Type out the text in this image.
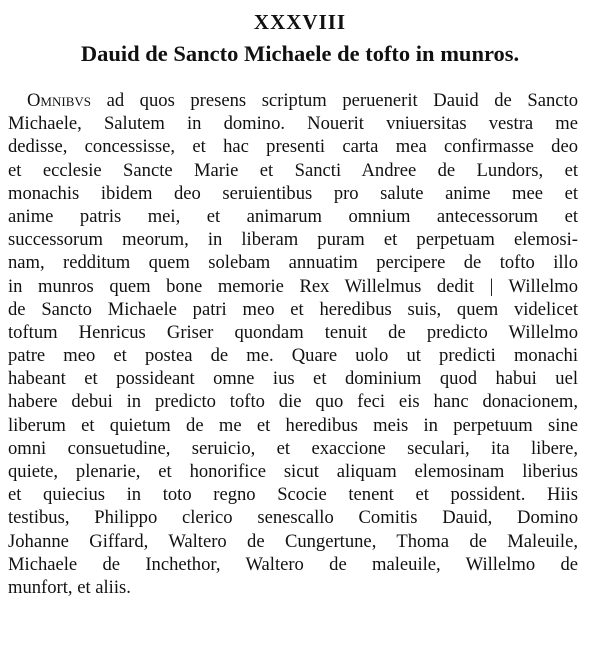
XXXVIII
Dauid de Sancto Michaele de tofto in munros.
Omnibvs ad quos presens scriptum peruenerit Dauid de Sancto
Michaele, Salutem in domino. Nouerit vniuersitas vestra me
dedisse, concessisse, et hac presenti carta mea confirmasse deo
et ecclesie Sancte Marie et Sancti Andree de Lundors, et
monachis ibidem deo seruientibus pro salute anime mee et
anime patris mei, et animarum omnium antecessorum et
successorum meorum, in liberam puram et perpetuam elemosi-
nam, redditum quem solebam annuatim percipere de tofto illo
in munros quem bone memorie Rex Willelmus dedit | Willelmo
de Sancto Michaele patri meo et heredibus suis, quem videlicet
toftum Henricus Griser quondam tenuit de predicto Willelmo
patre meo et postea de me. Quare uolo ut predicti monachi
habeant et possideant omne ius et dominium quod habui uel
habere debui in predicto tofto die quo feci eis hanc donacionem,
liberum et quietum de me et heredibus meis in perpetuum sine
omni consuetudine, seruicio, et exaccione seculari, ita libere,
quiete, plenarie, et honorifice sicut aliquam elemosinam liberius
et quiecius in toto regno Scocie tenent et possident. Hiis
testibus, Philippo clerico senescallo Comitis Dauid, Domino
Johanne Giffard, Waltero de Cungertune, Thoma de Maleuile,
Michaele de Inchethor, Waltero de maleuile, Willelmo de
munfort, et aliis.
